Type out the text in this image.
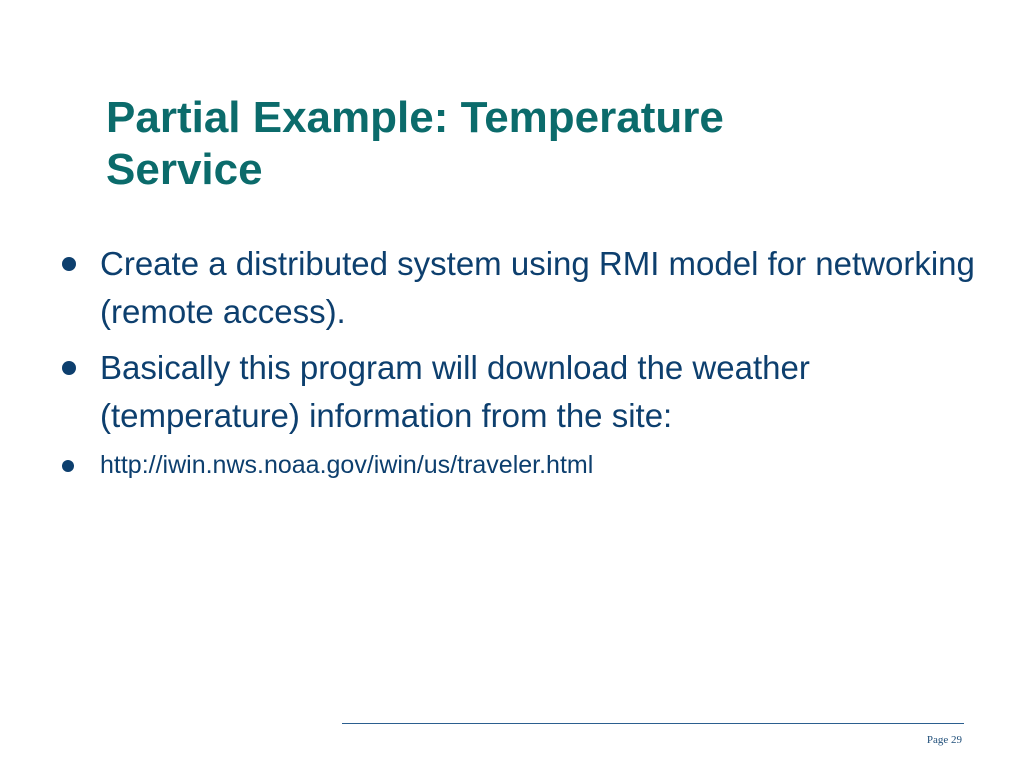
Partial Example: Temperature
Service
Create a distributed system using RMI model for networking (remote access).
Basically this program will download the weather (temperature) information from the site:
http://iwin.nws.noaa.gov/iwin/us/traveler.html
Page 29
